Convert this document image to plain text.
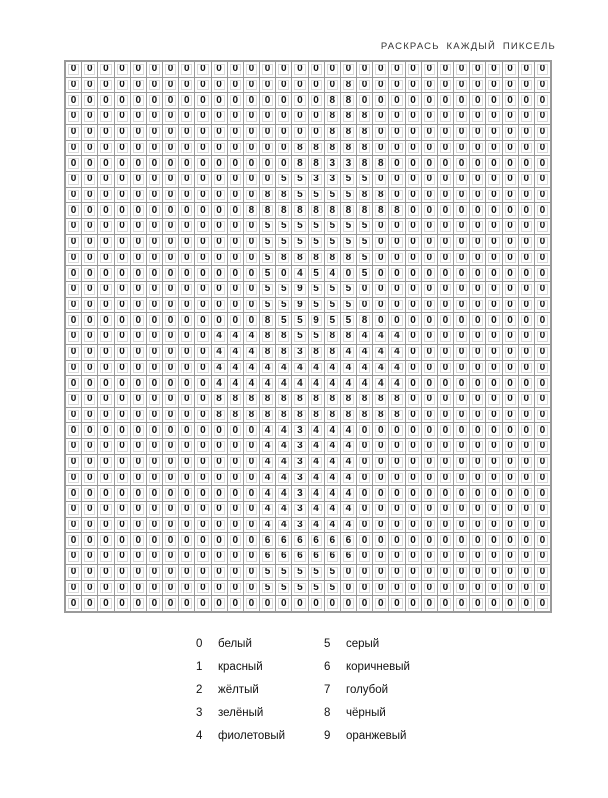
РАСКРАСЬ КАЖДЫЙ ПИКСЕЛЬ
0	0	0	0	0	0	0	0	0	0	0	0	0	0	0	0	0	0	0	0	0	0	0	0	0	0	0	0	0	0
0	0	0	0	0	0	0	0	0	0	0	0	0	0	0	0	0	8	0	0	0	0	0	0	0	0	0	0	0	0
0	0	0	0	0	0	0	0	0	0	0	0	0	0	0	0	8	8	0	0	0	0	0	0	0	0	0	0	0	0
0	0	0	0	0	0	0	0	0	0	0	0	0	0	0	0	8	8	8	0	0	0	0	0	0	0	0	0	0	0
0	0	0	0	0	0	0	0	0	0	0	0	0	0	0	0	8	8	8	0	0	0	0	0	0	0	0	0	0	0
0	0	0	0	0	0	0	0	0	0	0	0	0	0	8	8	8	8	8	0	0	0	0	0	0	0	0	0	0	0
0	0	0	0	0	0	0	0	0	0	0	0	0	0	8	8	3	3	8	8	0	0	0	0	0	0	0	0	0	0
0	0	0	0	0	0	0	0	0	0	0	0	0	5	5	3	3	5	5	0	0	0	0	0	0	0	0	0	0	0
0	0	0	0	0	0	0	0	0	0	0	0	8	8	5	5	5	5	8	8	0	0	0	0	0	0	0	0	0	0
0	0	0	0	0	0	0	0	0	0	0	8	8	8	8	8	8	8	8	8	8	0	0	0	0	0	0	0	0	0
0	0	0	0	0	0	0	0	0	0	0	0	5	5	5	5	5	5	5	0	0	0	0	0	0	0	0	0	0	0
0	0	0	0	0	0	0	0	0	0	0	0	5	5	5	5	5	5	5	0	0	0	0	0	0	0	0	0	0	0
0	0	0	0	0	0	0	0	0	0	0	0	5	8	8	8	8	8	5	0	0	0	0	0	0	0	0	0	0	0
0	0	0	0	0	0	0	0	0	0	0	0	5	0	4	5	4	0	5	0	0	0	0	0	0	0	0	0	0	0
0	0	0	0	0	0	0	0	0	0	0	0	5	5	9	5	5	5	0	0	0	0	0	0	0	0	0	0	0	0
0	0	0	0	0	0	0	0	0	0	0	0	5	5	9	5	5	5	0	0	0	0	0	0	0	0	0	0	0	0
0	0	0	0	0	0	0	0	0	0	0	0	8	5	5	9	5	5	8	0	0	0	0	0	0	0	0	0	0	0
0	0	0	0	0	0	0	0	0	4	4	4	8	8	5	5	8	8	4	4	4	0	0	0	0	0	0	0	0	0
0	0	0	0	0	0	0	0	0	4	4	4	8	8	3	8	8	4	4	4	4	0	0	0	0	0	0	0	0	0
0	0	0	0	0	0	0	0	0	4	4	4	4	4	4	4	4	4	4	4	4	0	0	0	0	0	0	0	0	0
0	0	0	0	0	0	0	0	0	4	4	4	4	4	4	4	4	4	4	4	4	0	0	0	0	0	0	0	0	0
0	0	0	0	0	0	0	0	0	8	8	8	8	8	8	8	8	8	8	8	8	0	0	0	0	0	0	0	0	0
0	0	0	0	0	0	0	0	0	8	8	8	8	8	8	8	8	8	8	8	8	0	0	0	0	0	0	0	0	0
0	0	0	0	0	0	0	0	0	0	0	0	4	4	3	4	4	4	0	0	0	0	0	0	0	0	0	0	0	0
0	0	0	0	0	0	0	0	0	0	0	0	4	4	3	4	4	4	0	0	0	0	0	0	0	0	0	0	0	0
0	0	0	0	0	0	0	0	0	0	0	0	4	4	3	4	4	4	0	0	0	0	0	0	0	0	0	0	0	0
0	0	0	0	0	0	0	0	0	0	0	0	4	4	3	4	4	4	0	0	0	0	0	0	0	0	0	0	0	0
0	0	0	0	0	0	0	0	0	0	0	0	4	4	3	4	4	4	0	0	0	0	0	0	0	0	0	0	0	0
0	0	0	0	0	0	0	0	0	0	0	0	4	4	3	4	4	4	0	0	0	0	0	0	0	0	0	0	0	0
0	0	0	0	0	0	0	0	0	0	0	0	4	4	3	4	4	4	0	0	0	0	0	0	0	0	0	0	0	0
0	0	0	0	0	0	0	0	0	0	0	0	6	6	6	6	6	6	0	0	0	0	0	0	0	0	0	0	0	0
0	0	0	0	0	0	0	0	0	0	0	0	6	6	6	6	6	6	0	0	0	0	0	0	0	0	0	0	0	0
0	0	0	0	0	0	0	0	0	0	0	0	5	5	5	5	5	0	0	0	0	0	0	0	0	0	0	0	0	0
0	0	0	0	0	0	0	0	0	0	0	0	5	5	5	5	5	0	0	0	0	0	0	0	0	0	0	0	0	0
0	0	0	0	0	0	0	0	0	0	0	0	0	0	0	0	0	0	0	0	0	0	0	0	0	0	0	0	0	0
0	белый
1	красный
2	жёлтый
3	зелёный
4	фиолетовый
5	серый
6	коричневый
7	голубой
8	чёрный
9	оранжевый
